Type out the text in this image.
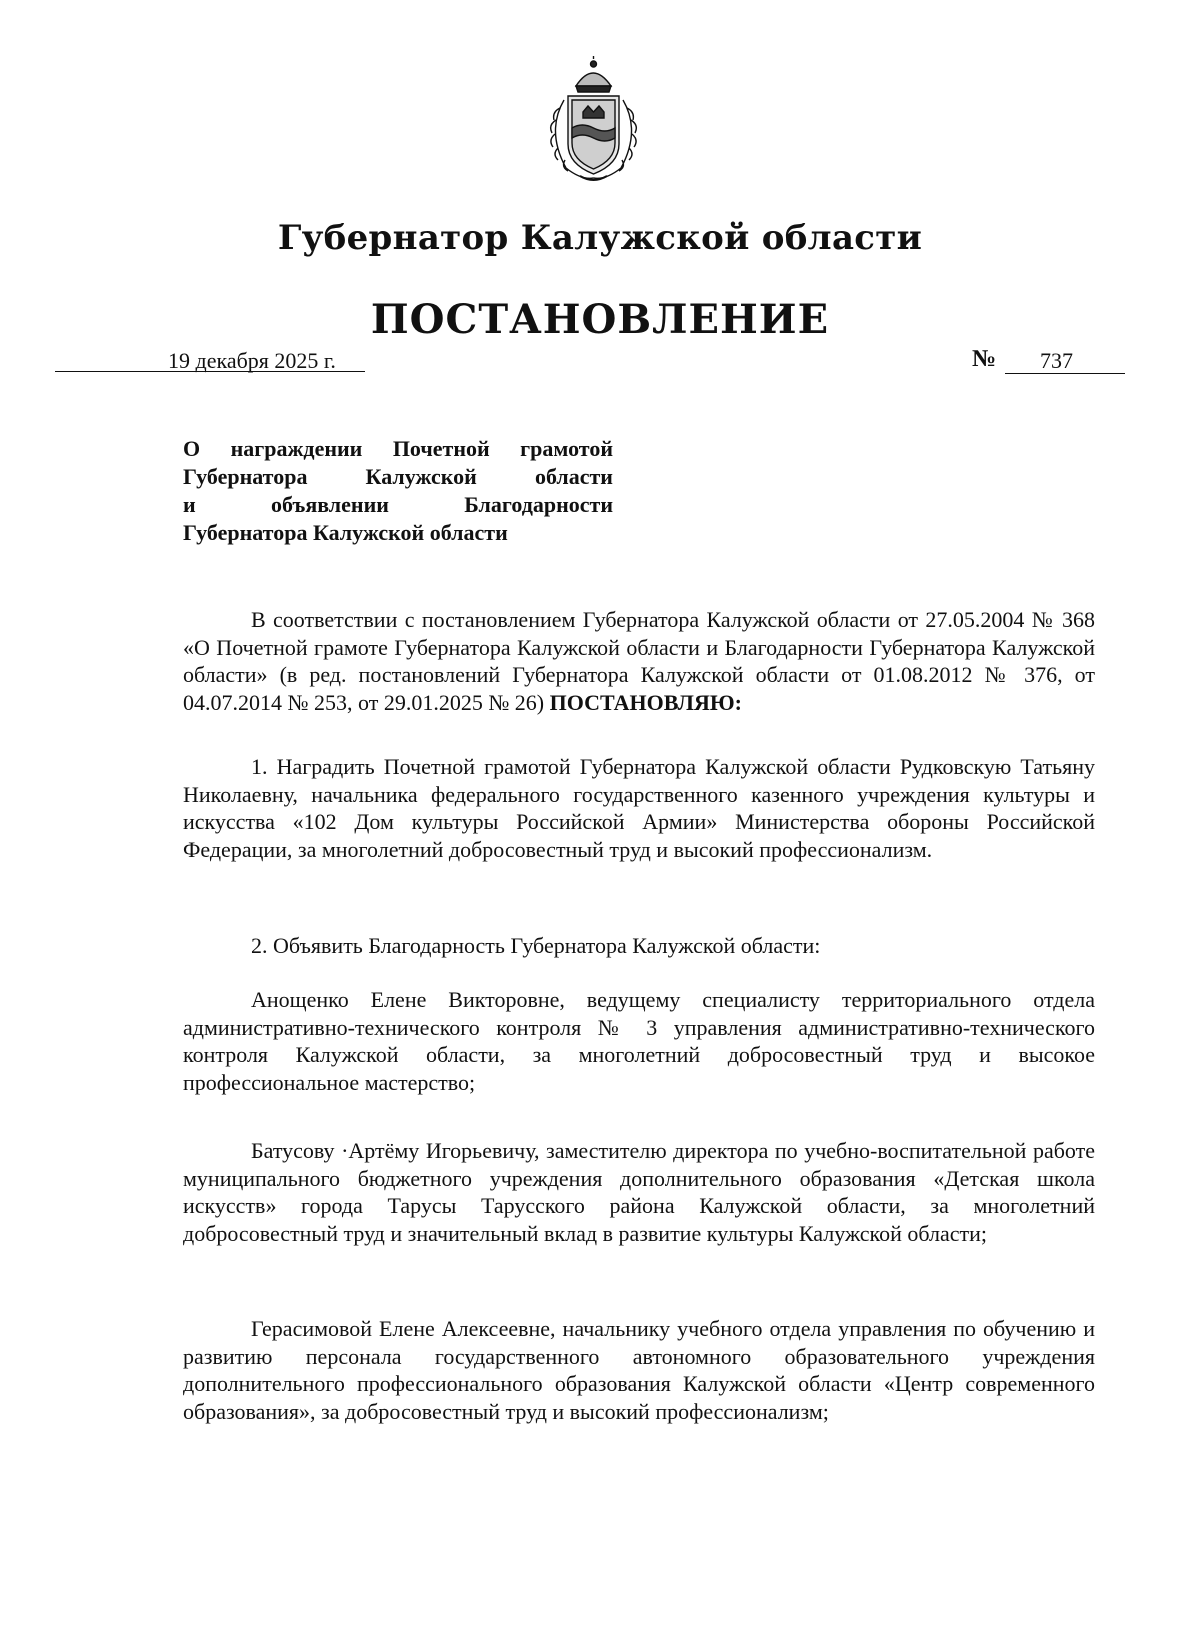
Губернатор Калужской области
ПОСТАНОВЛЕНИЕ
19 декабря 2025 г.	№ 737
О награждении Почетной грамотой
Губернатора Калужской области
и объявлении Благодарности
Губернатора Калужской области
В соответствии с постановлением Губернатора Калужской области от 27.05.2004 № 368 «О Почетной грамоте Губернатора Калужской области и Благодарности Губернатора Калужской области» (в ред. постановлений Губернатора Калужской области от 01.08.2012 № 376, от 04.07.2014 № 253, от 29.01.2025 № 26) ПОСТАНОВЛЯЮ:
1. Наградить Почетной грамотой Губернатора Калужской области Рудковскую Татьяну Николаевну, начальника федерального государственного казенного учреждения культуры и искусства «102 Дом культуры Российской Армии» Министерства обороны Российской Федерации, за многолетний добросовестный труд и высокий профессионализм.
2. Объявить Благодарность Губернатора Калужской области:
Анощенко Елене Викторовне, ведущему специалисту территориального отдела административно-технического контроля № 3 управления административно-технического контроля Калужской области, за многолетний добросовестный труд и высокое профессиональное мастерство;
Батусову ·Артёму Игорьевичу, заместителю директора по учебно-воспитательной работе муниципального бюджетного учреждения дополнительного образования «Детская школа искусств» города Тарусы Тарусского района Калужской области, за многолетний добросовестный труд и значительный вклад в развитие культуры Калужской области;
Герасимовой Елене Алексеевне, начальнику учебного отдела управления по обучению и развитию персонала государственного автономного образовательного учреждения дополнительного профессионального образования Калужской области «Центр современного образования», за добросовестный труд и высокий профессионализм;
